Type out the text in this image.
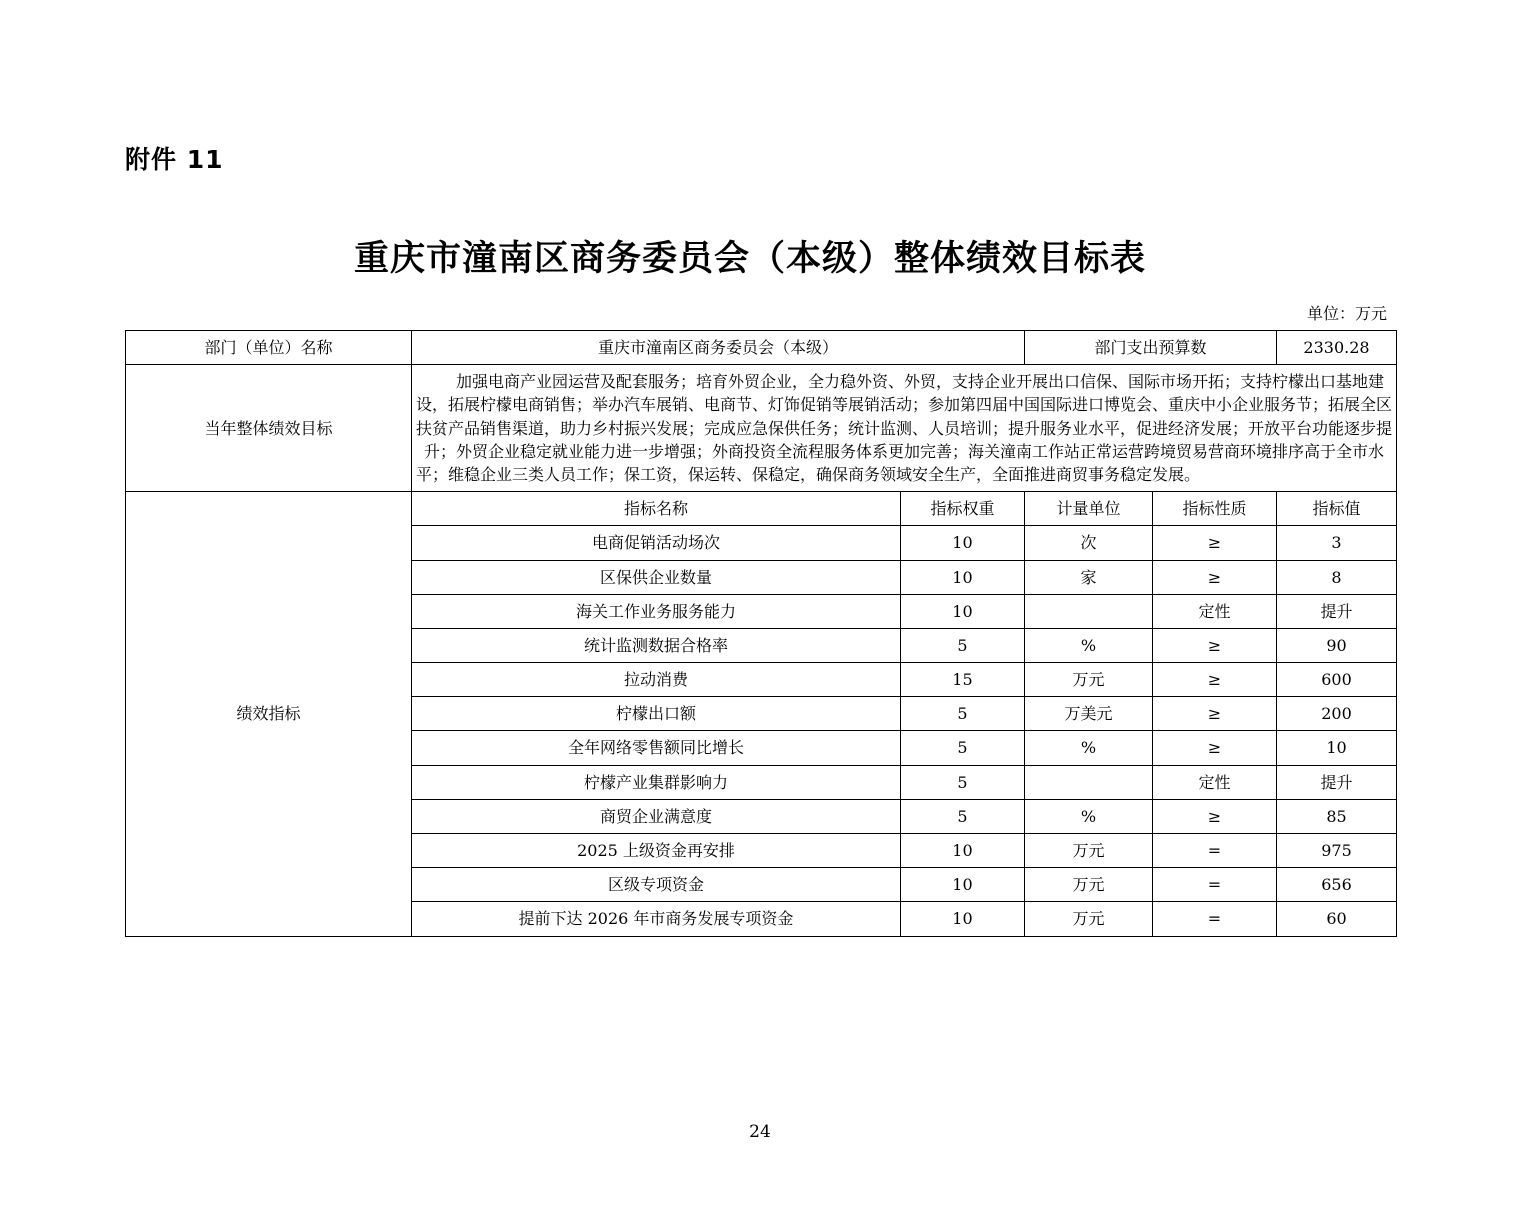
附件 11
重庆市潼南区商务委员会（本级）整体绩效目标表
单位：万元
部门（单位）名称	重庆市潼南区商务委员会（本级）		部门支出预算数		2330.28
当年整体绩效目标	加强电商产业园运营及配套服务；培育外贸企业，全力稳外资、外贸，支持企业开展出口信保、国际市场开拓；支持柠檬出口基地建设，拓展柠檬电商销售；举办汽车展销、电商节、灯饰促销等展销活动；参加第四届中国国际进口博览会、重庆中小企业服务节；拓展全区扶贫产品销售渠道，助力乡村振兴发展；完成应急保供任务；统计监测、人员培训；提升服务业水平，促进经济发展；开放平台功能逐步提升；外贸企业稳定就业能力进一步增强；外商投资全流程服务体系更加完善；海关潼南工作站正常运营跨境贸易营商环境排序高于全市水平；维稳企业三类人员工作；保工资，保运转、保稳定，确保商务领域安全生产，全面推进商贸事务稳定发展。				
绩效指标	指标名称	指标权重	计量单位	指标性质	指标值
	电商促销活动场次	10	次	≥	3
	区保供企业数量	10	家	≥	8
	海关工作业务服务能力	10		定性	提升
	统计监测数据合格率	5	%	≥	90
	拉动消费	15	万元	≥	600
	柠檬出口额	5	万美元	≥	200
	全年网络零售额同比增长	5	%	≥	10
	柠檬产业集群影响力	5		定性	提升
	商贸企业满意度	5	%	≥	85
	2025 上级资金再安排	10	万元	=	975
	区级专项资金	10	万元	=	656
	提前下达 2026 年市商务发展专项资金	10	万元	=	60
24
